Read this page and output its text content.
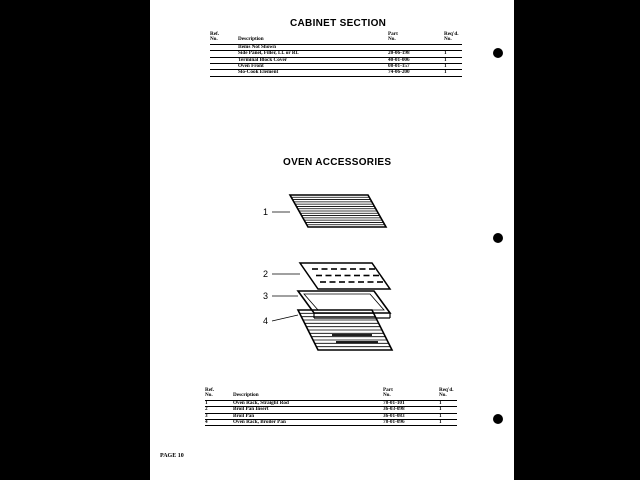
CABINET SECTION
Ref.
No.	Description	Part
No.	Req'd.
No.
	Items Not Shown		
	Side Panel, Filler, Lt. or Rt.	20-06-198	1
	Terminal Block Cover	40-01-006	1
	Oven Front	08-01-157	1
	Slo-Cook Element	74-06-200	1
OVEN ACCESSORIES
1
2
3
4
Ref.
No.	Description	Part
No.	Req'd.
No.
1	Oven Rack, Straight Rod	78-01-101	1
2	Broil Pan Insert	36-03-098	1
3	Broil Pan	36-01-083	1
4	Oven Rack, Broiler Pan	78-01-096	1
PAGE 10
